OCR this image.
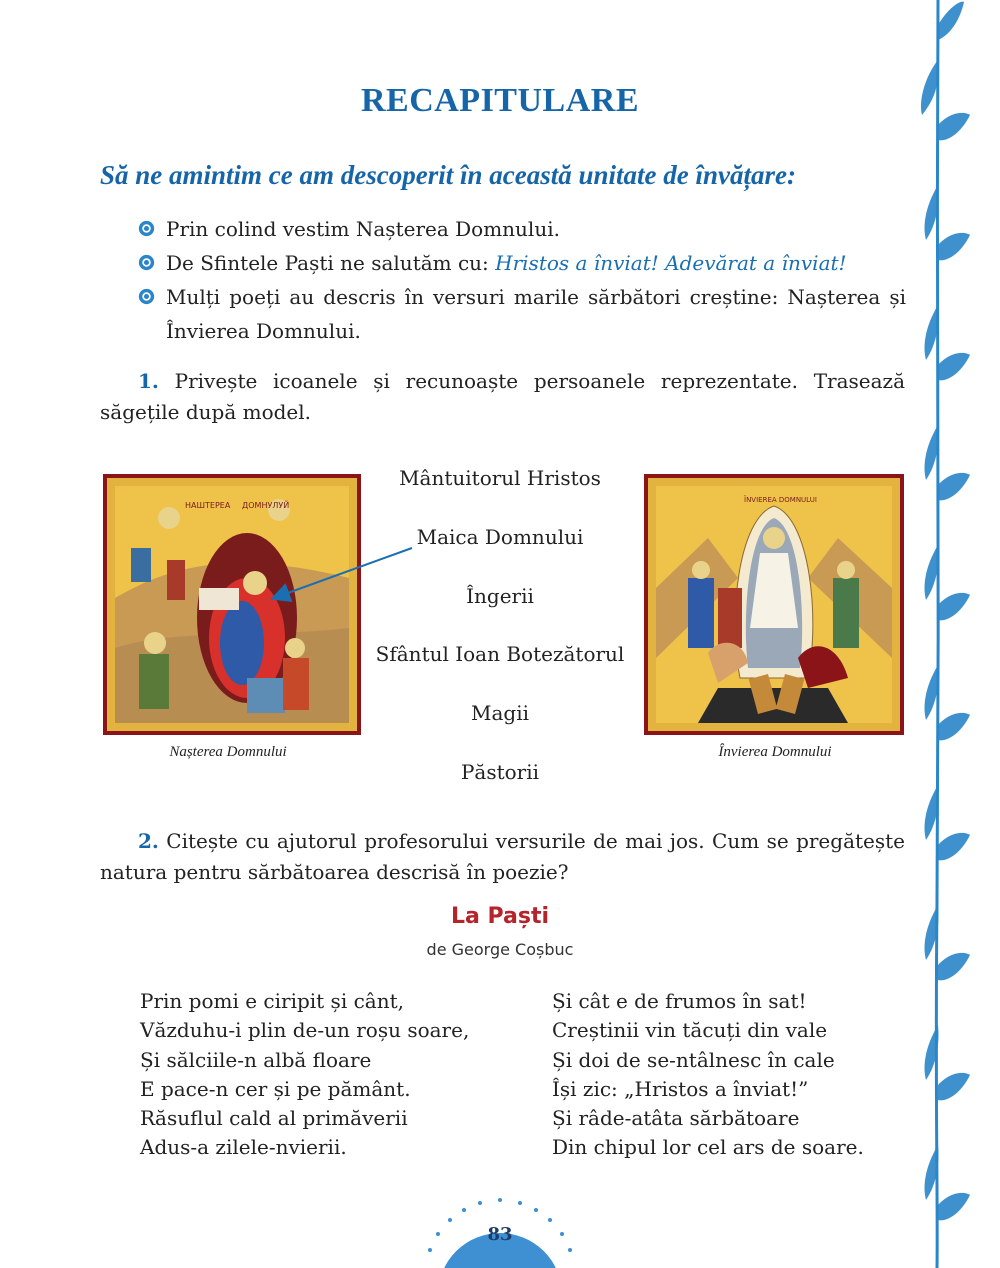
RECAPITULARE
Să ne amintim ce am descoperit în această unitate de învățare:
Prin colind vestim Nașterea Domnului.
De Sfintele Paști ne salutăm cu: Hristos a înviat! Adevărat a înviat!
Mulți poeți au descris în versuri marile sărbători creștine: Nașterea și Învierea Domnului.
1. Privește icoanele și recunoaște persoanele reprezentate. Trasează săgețile după model.
НАШТЕРЕА ДОМНУЛУЙ
Nașterea Domnului
ÎNVIEREA DOMNULUI
Învierea Domnului
Mântuitorul Hristos
Maica Domnului
Îngerii
Sfântul Ioan Botezătorul
Magii
Păstorii
2. Citește cu ajutorul profesorului versurile de mai jos. Cum se pregătește natura pentru sărbătoarea descrisă în poezie?
La Paști
de George Coșbuc
Prin pomi e ciripit și cânt,
Văzduhu-i plin de-un roșu soare,
Și sălciile-n albă floare
E pace-n cer și pe pământ.
Răsuflul cald al primăverii
Adus-a zilele-nvierii.
Și cât e de frumos în sat!
Creștinii vin tăcuți din vale
Și doi de se-ntâlnesc în cale
Își zic: „Hristos a înviat!”
Și râde-atâta sărbătoare
Din chipul lor cel ars de soare.
83
